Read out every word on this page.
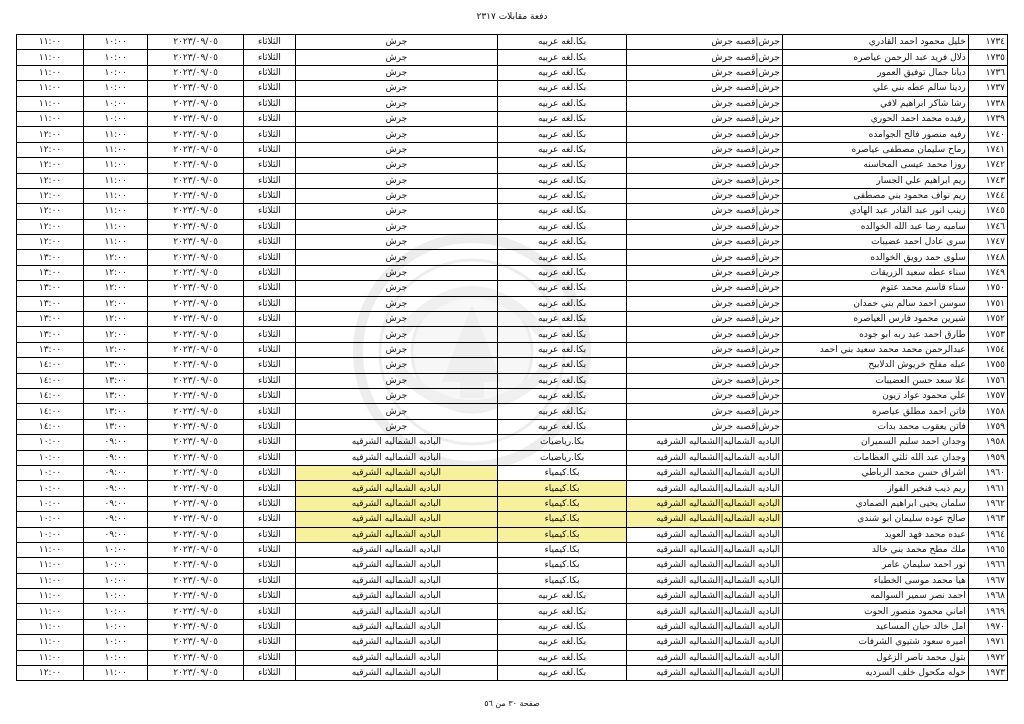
دفعة مقابلات ٢٣١٧
١٧٣٤	خليل محمود احمد القادري	جرش|قصبه جرش	بكا.لغه عربيه	جرش	الثلاثاء	٢٠٢٣/٠٩/٠٥	١٠:٠٠	١١:٠٠
١٧٣٥	دلال فريد عبد الرحمن عياصره	جرش|قصبه جرش	بكا.لغه عربيه	جرش	الثلاثاء	٢٠٢٣/٠٩/٠٥	١٠:٠٠	١١:٠٠
١٧٣٦	ديانا جمال توفيق العمور	جرش|قصبه جرش	بكا.لغه عربيه	جرش	الثلاثاء	٢٠٢٣/٠٩/٠٥	١٠:٠٠	١١:٠٠
١٧٣٧	ردينا سالم عطه بني علي	جرش|قصبه جرش	بكا.لغه عربيه	جرش	الثلاثاء	٢٠٢٣/٠٩/٠٥	١٠:٠٠	١١:٠٠
١٧٣٨	رشا شاكر ابراهيم لافي	جرش|قصبه جرش	بكا.لغه عربيه	جرش	الثلاثاء	٢٠٢٣/٠٩/٠٥	١٠:٠٠	١١:٠٠
١٧٣٩	رفيده محمد احمد الحوري	جرش|قصبه جرش	بكا.لغه عربيه	جرش	الثلاثاء	٢٠٢٣/٠٩/٠٥	١٠:٠٠	١١:٠٠
١٧٤٠	رفيه منصور فالح الجوامده	جرش|قصبه جرش	بكا.لغه عربيه	جرش	الثلاثاء	٢٠٢٣/٠٩/٠٥	١١:٠٠	١٢:٠٠
١٧٤١	رماح سليمان مصطفى عياصره	جرش|قصبه جرش	بكا.لغه عربيه	جرش	الثلاثاء	٢٠٢٣/٠٩/٠٥	١١:٠٠	١٢:٠٠
١٧٤٢	روزا محمد عيسى المحاسنه	جرش|قصبه جرش	بكا.لغه عربيه	جرش	الثلاثاء	٢٠٢٣/٠٩/٠٥	١١:٠٠	١٢:٠٠
١٧٤٣	ريم ابراهيم علي الجسار	جرش|قصبه جرش	بكا.لغه عربيه	جرش	الثلاثاء	٢٠٢٣/٠٩/٠٥	١١:٠٠	١٢:٠٠
١٧٤٤	ريم نواف محمود بني مصطفى	جرش|قصبه جرش	بكا.لغه عربيه	جرش	الثلاثاء	٢٠٢٣/٠٩/٠٥	١١:٠٠	١٢:٠٠
١٧٤٥	زينب انور عبد القادر عبد الهادي	جرش|قصبه جرش	بكا.لغه عربيه	جرش	الثلاثاء	٢٠٢٣/٠٩/٠٥	١١:٠٠	١٢:٠٠
١٧٤٦	ساميه رضا عبد الله الخوالده	جرش|قصبه جرش	بكا.لغه عربيه	جرش	الثلاثاء	٢٠٢٣/٠٩/٠٥	١١:٠٠	١٢:٠٠
١٧٤٧	سرى عادل احمد عضيبات	جرش|قصبه جرش	بكا.لغه عربيه	جرش	الثلاثاء	٢٠٢٣/٠٩/٠٥	١١:٠٠	١٢:٠٠
١٧٤٨	سلوى حمد رويق الخوالده	جرش|قصبه جرش	بكا.لغه عربيه	جرش	الثلاثاء	٢٠٢٣/٠٩/٠٥	١٢:٠٠	١٣:٠٠
١٧٤٩	سناء عطه سعيد الزريقات	جرش|قصبه جرش	بكا.لغه عربيه	جرش	الثلاثاء	٢٠٢٣/٠٩/٠٥	١٢:٠٠	١٣:٠٠
١٧٥٠	سناء قاسم محمد عتوم	جرش|قصبه جرش	بكا.لغه عربيه	جرش	الثلاثاء	٢٠٢٣/٠٩/٠٥	١٢:٠٠	١٣:٠٠
١٧٥١	سوسن احمد سالم بني حمدان	جرش|قصبه جرش	بكا.لغه عربيه	جرش	الثلاثاء	٢٠٢٣/٠٩/٠٥	١٢:٠٠	١٣:٠٠
١٧٥٢	شيرين محمود فارس العياصره	جرش|قصبه جرش	بكا.لغه عربيه	جرش	الثلاثاء	٢٠٢٣/٠٩/٠٥	١٢:٠٠	١٣:٠٠
١٧٥٣	طارق احمد عبد ربه ابو جوده	جرش|قصبه جرش	بكا.لغه عربيه	جرش	الثلاثاء	٢٠٢٣/٠٩/٠٥	١٢:٠٠	١٣:٠٠
١٧٥٤	عبدالرحمن محمد محمد سعيد بني احمد	جرش|قصبه جرش	بكا.لغه عربيه	جرش	الثلاثاء	٢٠٢٣/٠٩/٠٥	١٢:٠٠	١٣:٠٠
١٧٥٥	عبله مفلح خريوش الدلابيح	جرش|قصبه جرش	بكا.لغه عربيه	جرش	الثلاثاء	٢٠٢٣/٠٩/٠٥	١٣:٠٠	١٤:٠٠
١٧٥٦	علا سعد حسن العضيبات	جرش|قصبه جرش	بكا.لغه عربيه	جرش	الثلاثاء	٢٠٢٣/٠٩/٠٥	١٣:٠٠	١٤:٠٠
١٧٥٧	علي محمود عواد زيون	جرش|قصبه جرش	بكا.لغه عربيه	جرش	الثلاثاء	٢٠٢٣/٠٩/٠٥	١٣:٠٠	١٤:٠٠
١٧٥٨	فاتن احمد مطلق عياصره	جرش|قصبه جرش	بكا.لغه عربيه	جرش	الثلاثاء	٢٠٢٣/٠٩/٠٥	١٣:٠٠	١٤:٠٠
١٧٥٩	فاتن يعقوب محمد بدات	جرش|قصبه جرش	بكا.لغه عربيه	جرش	الثلاثاء	٢٠٢٣/٠٩/٠٥	١٣:٠٠	١٤:٠٠
١٩٥٨	وجدان احمد سليم السميران	الباديه الشماليه|الشماليه الشرقيه	بكا.رياضيات	الباديه الشماليه الشرقيه	الثلاثاء	٢٠٢٣/٠٩/٠٥	٠٩:٠٠	١٠:٠٠
١٩٥٩	وجدان عبد الله ثلثي العظامات	الباديه الشماليه|الشماليه الشرقيه	بكا.رياضيات	الباديه الشماليه الشرقيه	الثلاثاء	٢٠٢٣/٠٩/٠٥	٠٩:٠٠	١٠:٠٠
١٩٦٠	اشراق حسن محمد الرباطي	الباديه الشماليه|الشماليه الشرقيه	بكا.كيمياء	الباديه الشماليه الشرقيه	الثلاثاء	٢٠٢٣/٠٩/٠٥	٠٩:٠٠	١٠:٠٠
١٩٦١	ريم ذيب فنخير الفواز	الباديه الشماليه|الشماليه الشرقيه	بكا.كيمياء	الباديه الشماليه الشرقيه	الثلاثاء	٢٠٢٣/٠٩/٠٥	٠٩:٠٠	١٠:٠٠
١٩٦٢	سلمان يحيى ابراهيم الصمادي	الباديه الشماليه|الشماليه الشرقيه	بكا.كيمياء	الباديه الشماليه الشرقيه	الثلاثاء	٢٠٢٣/٠٩/٠٥	٠٩:٠٠	١٠:٠٠
١٩٦٣	صالح عوده سليمان ابو شندي	الباديه الشماليه|الشماليه الشرقيه	بكا.كيمياء	الباديه الشماليه الشرقيه	الثلاثاء	٢٠٢٣/٠٩/٠٥	٠٩:٠٠	١٠:٠٠
١٩٦٤	عبده محمد فهد العويد	الباديه الشماليه|الشماليه الشرقيه	بكا.كيمياء	الباديه الشماليه الشرقيه	الثلاثاء	٢٠٢٣/٠٩/٠٥	٠٩:٠٠	١٠:٠٠
١٩٦٥	ملك مطح محمد بني خالد	الباديه الشماليه|الشماليه الشرقيه	بكا.كيمياء	الباديه الشماليه الشرقيه	الثلاثاء	٢٠٢٣/٠٩/٠٥	١٠:٠٠	١١:٠٠
١٩٦٦	نور احمد سليمان عامر	الباديه الشماليه|الشماليه الشرقيه	بكا.كيمياء	الباديه الشماليه الشرقيه	الثلاثاء	٢٠٢٣/٠٩/٠٥	١٠:٠٠	١١:٠٠
١٩٦٧	هيا محمد موسى الخطباء	الباديه الشماليه|الشماليه الشرقيه	بكا.كيمياء	الباديه الشماليه الشرقيه	الثلاثاء	٢٠٢٣/٠٩/٠٥	١٠:٠٠	١١:٠٠
١٩٦٨	احمد نصر سمير السوالمه	الباديه الشماليه|الشماليه الشرقيه	بكا.لغه عربيه	الباديه الشماليه الشرقيه	الثلاثاء	٢٠٢٣/٠٩/٠٥	١٠:٠٠	١١:٠٠
١٩٦٩	اماني محمود منصور الحوت	الباديه الشماليه|الشماليه الشرقيه	بكا.لغه عربيه	الباديه الشماليه الشرقيه	الثلاثاء	٢٠٢٣/٠٩/٠٥	١٠:٠٠	١١:٠٠
١٩٧٠	امل خالد حيان المساعيد	الباديه الشماليه|الشماليه الشرقيه	بكا.لغه عربيه	الباديه الشماليه الشرقيه	الثلاثاء	٢٠٢٣/٠٩/٠٥	١٠:٠٠	١١:٠٠
١٩٧١	اميره سعود شتيوي الشرفات	الباديه الشماليه|الشماليه الشرقيه	بكا.لغه عربيه	الباديه الشماليه الشرقيه	الثلاثاء	٢٠٢٣/٠٩/٠٥	١٠:٠٠	١١:٠٠
١٩٧٢	بتول محمد ناصر الزغول	الباديه الشماليه|الشماليه الشرقيه	بكا.لغه عربيه	الباديه الشماليه الشرقيه	الثلاثاء	٢٠٢٣/٠٩/٠٥	١٠:٠٠	١١:٠٠
١٩٧٣	خوله مكحول خلف السرديه	الباديه الشماليه|الشماليه الشرقيه	بكا.لغه عربيه	الباديه الشماليه الشرقيه	الثلاثاء	٢٠٢٣/٠٩/٠٥	١١:٠٠	١٢:٠٠
صفحة ٣٠ من ٥٦
